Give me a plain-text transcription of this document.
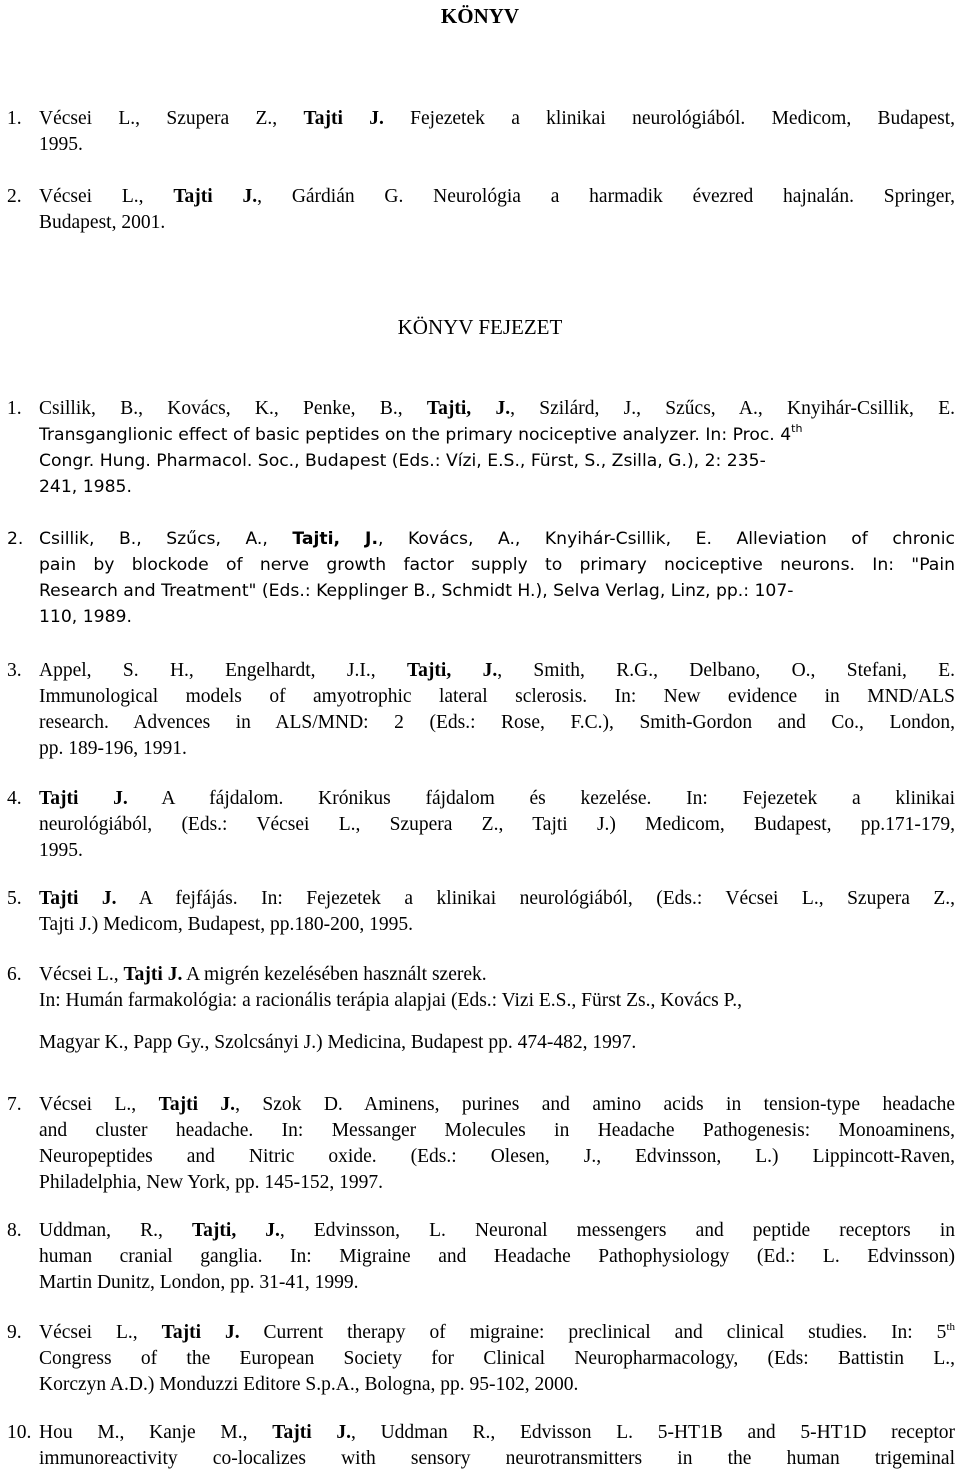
KÖNYV
1. Vécsei L., Szupera Z., Tajti J. Fejezetek a klinikai neurológiából. Medicom, Budapest,
1995.
2. Vécsei L., Tajti J., Gárdián G. Neurológia a harmadik évezred hajnalán. Springer,
Budapest, 2001.
KÖNYV FEJEZET
1. Csillik, B., Kovács, K., Penke, B., Tajti, J., Szilárd, J., Szűcs, A., Knyihár-Csillik, E.
Transganglionic effect of basic peptides on the primary nociceptive analyzer. In: Proc. 4th
Congr. Hung. Pharmacol. Soc., Budapest (Eds.: Vízi, E.S., Fürst, S., Zsilla, G.), 2: 235-
241, 1985.
2. Csillik, B., Szűcs, A., Tajti, J., Kovács, A., Knyihár-Csillik, E. Alleviation of chronic
pain by blockode of nerve growth factor supply to primary nociceptive neurons. In: "Pain
Research and Treatment" (Eds.: Kepplinger B., Schmidt H.), Selva Verlag, Linz, pp.: 107-
110, 1989.
3. Appel, S. H., Engelhardt, J.I., Tajti, J., Smith, R.G., Delbano, O., Stefani, E.
Immunological models of amyotrophic lateral sclerosis. In: New evidence in MND/ALS
research. Advences in ALS/MND: 2 (Eds.: Rose, F.C.), Smith-Gordon and Co., London,
pp. 189-196, 1991.
4. Tajti J. A fájdalom. Krónikus fájdalom és kezelése. In: Fejezetek a klinikai
neurológiából, (Eds.: Vécsei L., Szupera Z., Tajti J.) Medicom, Budapest, pp.171-179,
1995.
5. Tajti J. A fejfájás. In: Fejezetek a klinikai neurológiából, (Eds.: Vécsei L., Szupera Z.,
Tajti J.) Medicom, Budapest, pp.180-200, 1995.
6. Vécsei L., Tajti J. A migrén kezelésében használt szerek.
In: Humán farmakológia: a racionális terápia alapjai (Eds.: Vizi E.S., Fürst Zs., Kovács P.,
Magyar K., Papp Gy., Szolcsányi J.) Medicina, Budapest pp. 474-482, 1997.
7. Vécsei L., Tajti J., Szok D. Aminens, purines and amino acids in tension-type headache
and cluster headache. In: Messanger Molecules in Headache Pathogenesis: Monoaminens,
Neuropeptides and Nitric oxide. (Eds.: Olesen, J., Edvinsson, L.) Lippincott-Raven,
Philadelphia, New York, pp. 145-152, 1997.
8. Uddman, R., Tajti, J., Edvinsson, L. Neuronal messengers and peptide receptors in
human cranial ganglia. In: Migraine and Headache Pathophysiology (Ed.: L. Edvinsson)
Martin Dunitz, London, pp. 31-41, 1999.
9. Vécsei L., Tajti J. Current therapy of migraine: preclinical and clinical studies. In: 5th
Congress of the European Society for Clinical Neuropharmacology, (Eds: Battistin L.,
Korczyn A.D.) Monduzzi Editore S.p.A., Bologna, pp. 95-102, 2000.
10. Hou M., Kanje M., Tajti J., Uddman R., Edvisson L. 5-HT1B and 5-HT1D receptor
immunoreactivity co-localizes with sensory neurotransmitters in the human trigeminal
